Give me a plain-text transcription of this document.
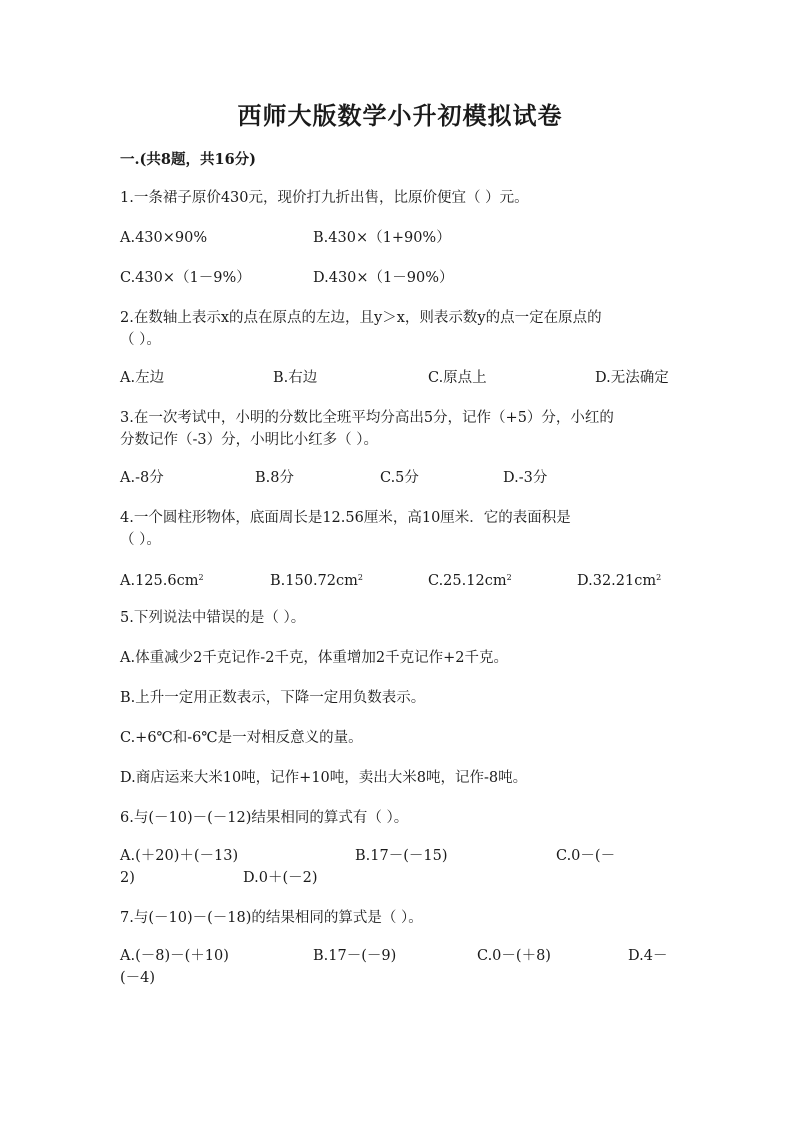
西师大版数学小升初模拟试卷
一.(共8题，共16分)
1.一条裙子原价430元，现价打九折出售，比原价便宜（ ）元。
A.430×90%	B.430×（1+90%）
C.430×（1－9%）	D.430×（1－90%）
2.在数轴上表示x的点在原点的左边，且y＞x，则表示数y的点一定在原点的
（ ）。
A.左边	B.右边	C.原点上	D.无法确定
3.在一次考试中，小明的分数比全班平均分高出5分，记作（+5）分，小红的
分数记作（-3）分，小明比小红多（ ）。
A.-8分	B.8分	C.5分	D.-3分
4.一个圆柱形物体，底面周长是12.56厘米，高10厘米．它的表面积是
（ ）。
$A.125.6cm^2$	$B.150.72cm^2$	$C.25.12cm^2$	$D.32.21cm^2$
5.下列说法中错误的是（ ）。
A.体重减少2千克记作-2千克，体重增加2千克记作+2千克。
B.上升一定用正数表示，下降一定用负数表示。
C.+6℃和-6℃是一对相反意义的量。
D.商店运来大米10吨，记作+10吨，卖出大米8吨，记作-8吨。
6.与(－10)－(－12)结果相同的算式有（ ）。
A.(＋20)＋(－13)	B.17－(－15)	C.0－(－
2)	D.0＋(－2)
7.与(－10)－(－18)的结果相同的算式是（ ）。
A.(－8)－(＋10)	B.17－(－9)	C.0－(＋8)	D.4－
(－4)
